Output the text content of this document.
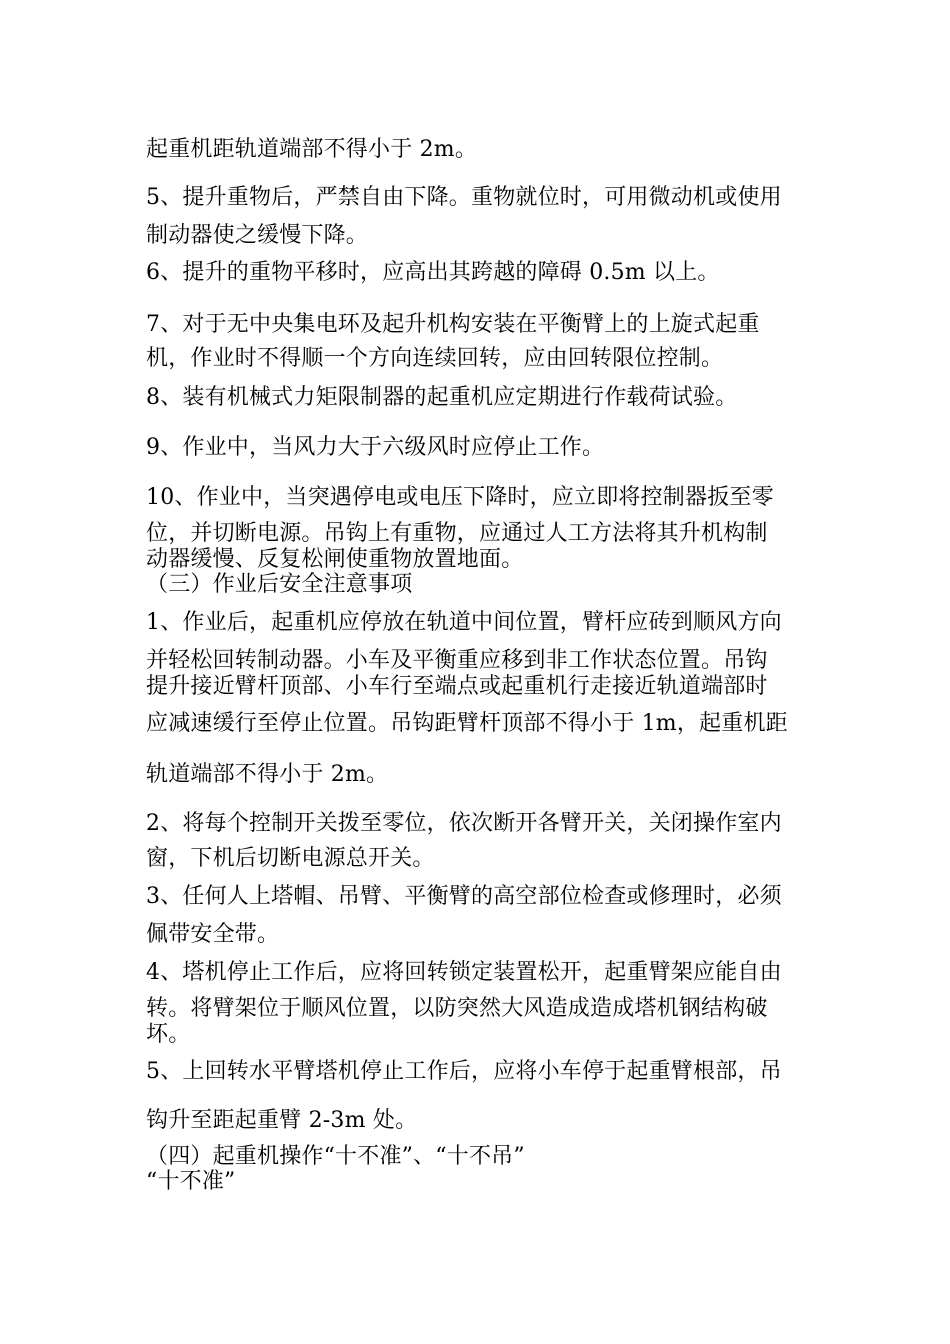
起重机距轨道端部不得小于 2m。
5、提升重物后，严禁自由下降。重物就位时，可用微动机或使用
制动器使之缓慢下降。
6、提升的重物平移时，应高出其跨越的障碍 0.5m 以上。
7、对于无中央集电环及起升机构安装在平衡臂上的上旋式起重
机，作业时不得顺一个方向连续回转，应由回转限位控制。
8、装有机械式力矩限制器的起重机应定期进行作载荷试验。
9、作业中，当风力大于六级风时应停止工作。
10、作业中，当突遇停电或电压下降时，应立即将控制器扳至零
位，并切断电源。吊钩上有重物，应通过人工方法将其升机构制
动器缓慢、反复松闸使重物放置地面。
（三）作业后安全注意事项
1、作业后，起重机应停放在轨道中间位置，臂杆应砖到顺风方向
并轻松回转制动器。小车及平衡重应移到非工作状态位置。吊钩
提升接近臂杆顶部、小车行至端点或起重机行走接近轨道端部时
应减速缓行至停止位置。吊钩距臂杆顶部不得小于 1m，起重机距
轨道端部不得小于 2m。
2、将每个控制开关拨至零位，依次断开各臂开关，关闭操作室内
窗，下机后切断电源总开关。
3、任何人上塔帽、吊臂、平衡臂的高空部位检查或修理时，必须
佩带安全带。
4、塔机停止工作后，应将回转锁定装置松开，起重臂架应能自由
转。将臂架位于顺风位置，以防突然大风造成造成塔机钢结构破
坏。
5、上回转水平臂塔机停止工作后，应将小车停于起重臂根部，吊
钩升至距起重臂 2-3m 处。
（四）起重机操作“十不准”、“十不吊”
“十不准”
